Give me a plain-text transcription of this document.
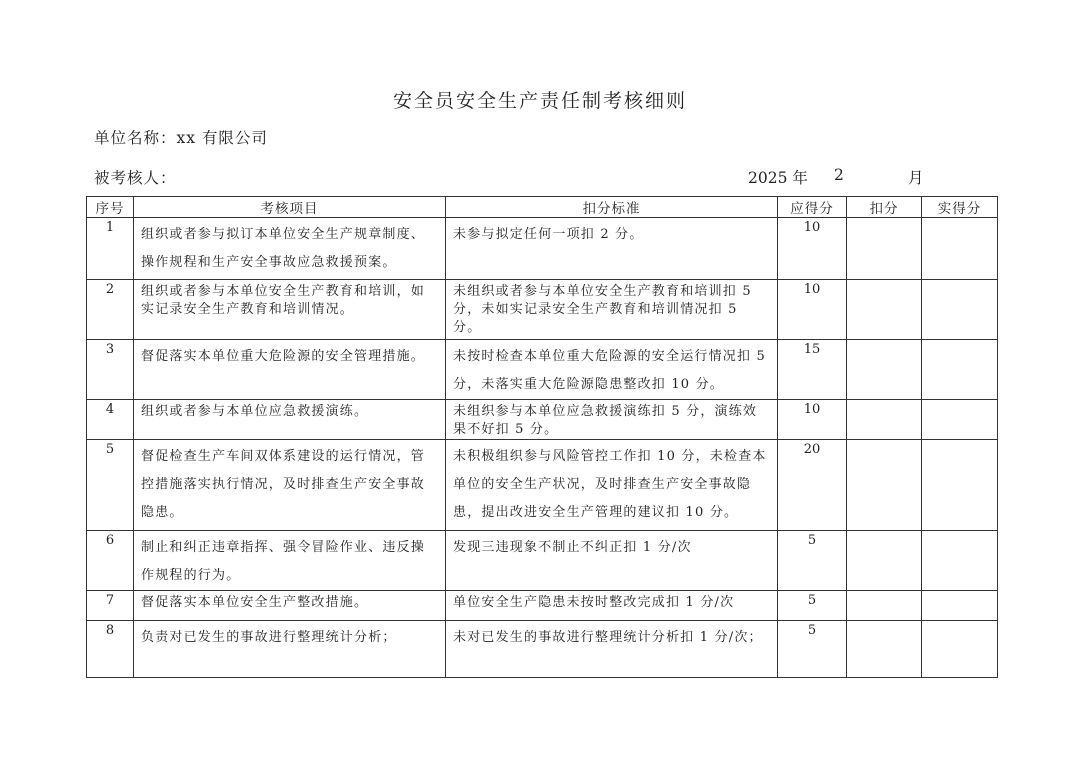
安全员安全生产责任制考核细则
单位名称：xx 有限公司
被考核人：	2025 年 2	月
序号	考核项目	扣分标准	应得分	扣分	实得分
1	组织或者参与拟订本单位安全生产规章制度、操作规程和生产安全事故应急救援预案。	未参与拟定任何一项扣 2 分。	10		
2	组织或者参与本单位安全生产教育和培训，如实记录安全生产教育和培训情况。	未组织或者参与本单位安全生产教育和培训扣 5 分，未如实记录安全生产教育和培训情况扣 5 分。	10		
3	督促落实本单位重大危险源的安全管理措施。	未按时检查本单位重大危险源的安全运行情况扣 5 分，未落实重大危险源隐患整改扣 10 分。	15		
4	组织或者参与本单位应急救援演练。	未组织参与本单位应急救援演练扣 5 分，演练效果不好扣 5 分。	10		
5	督促检查生产车间双体系建设的运行情况，管控措施落实执行情况，及时排查生产安全事故隐患。	未积极组织参与风险管控工作扣 10 分，未检查本单位的安全生产状况，及时排查生产安全事故隐患，提出改进安全生产管理的建议扣 10 分。	20		
6	制止和纠正违章指挥、强令冒险作业、违反操作规程的行为。	发现三违现象不制止不纠正扣 1 分/次	5		
7	督促落实本单位安全生产整改措施。	单位安全生产隐患未按时整改完成扣 1 分/次	5		
8	负责对已发生的事故进行整理统计分析；	未对已发生的事故进行整理统计分析扣 1 分/次；	5		
